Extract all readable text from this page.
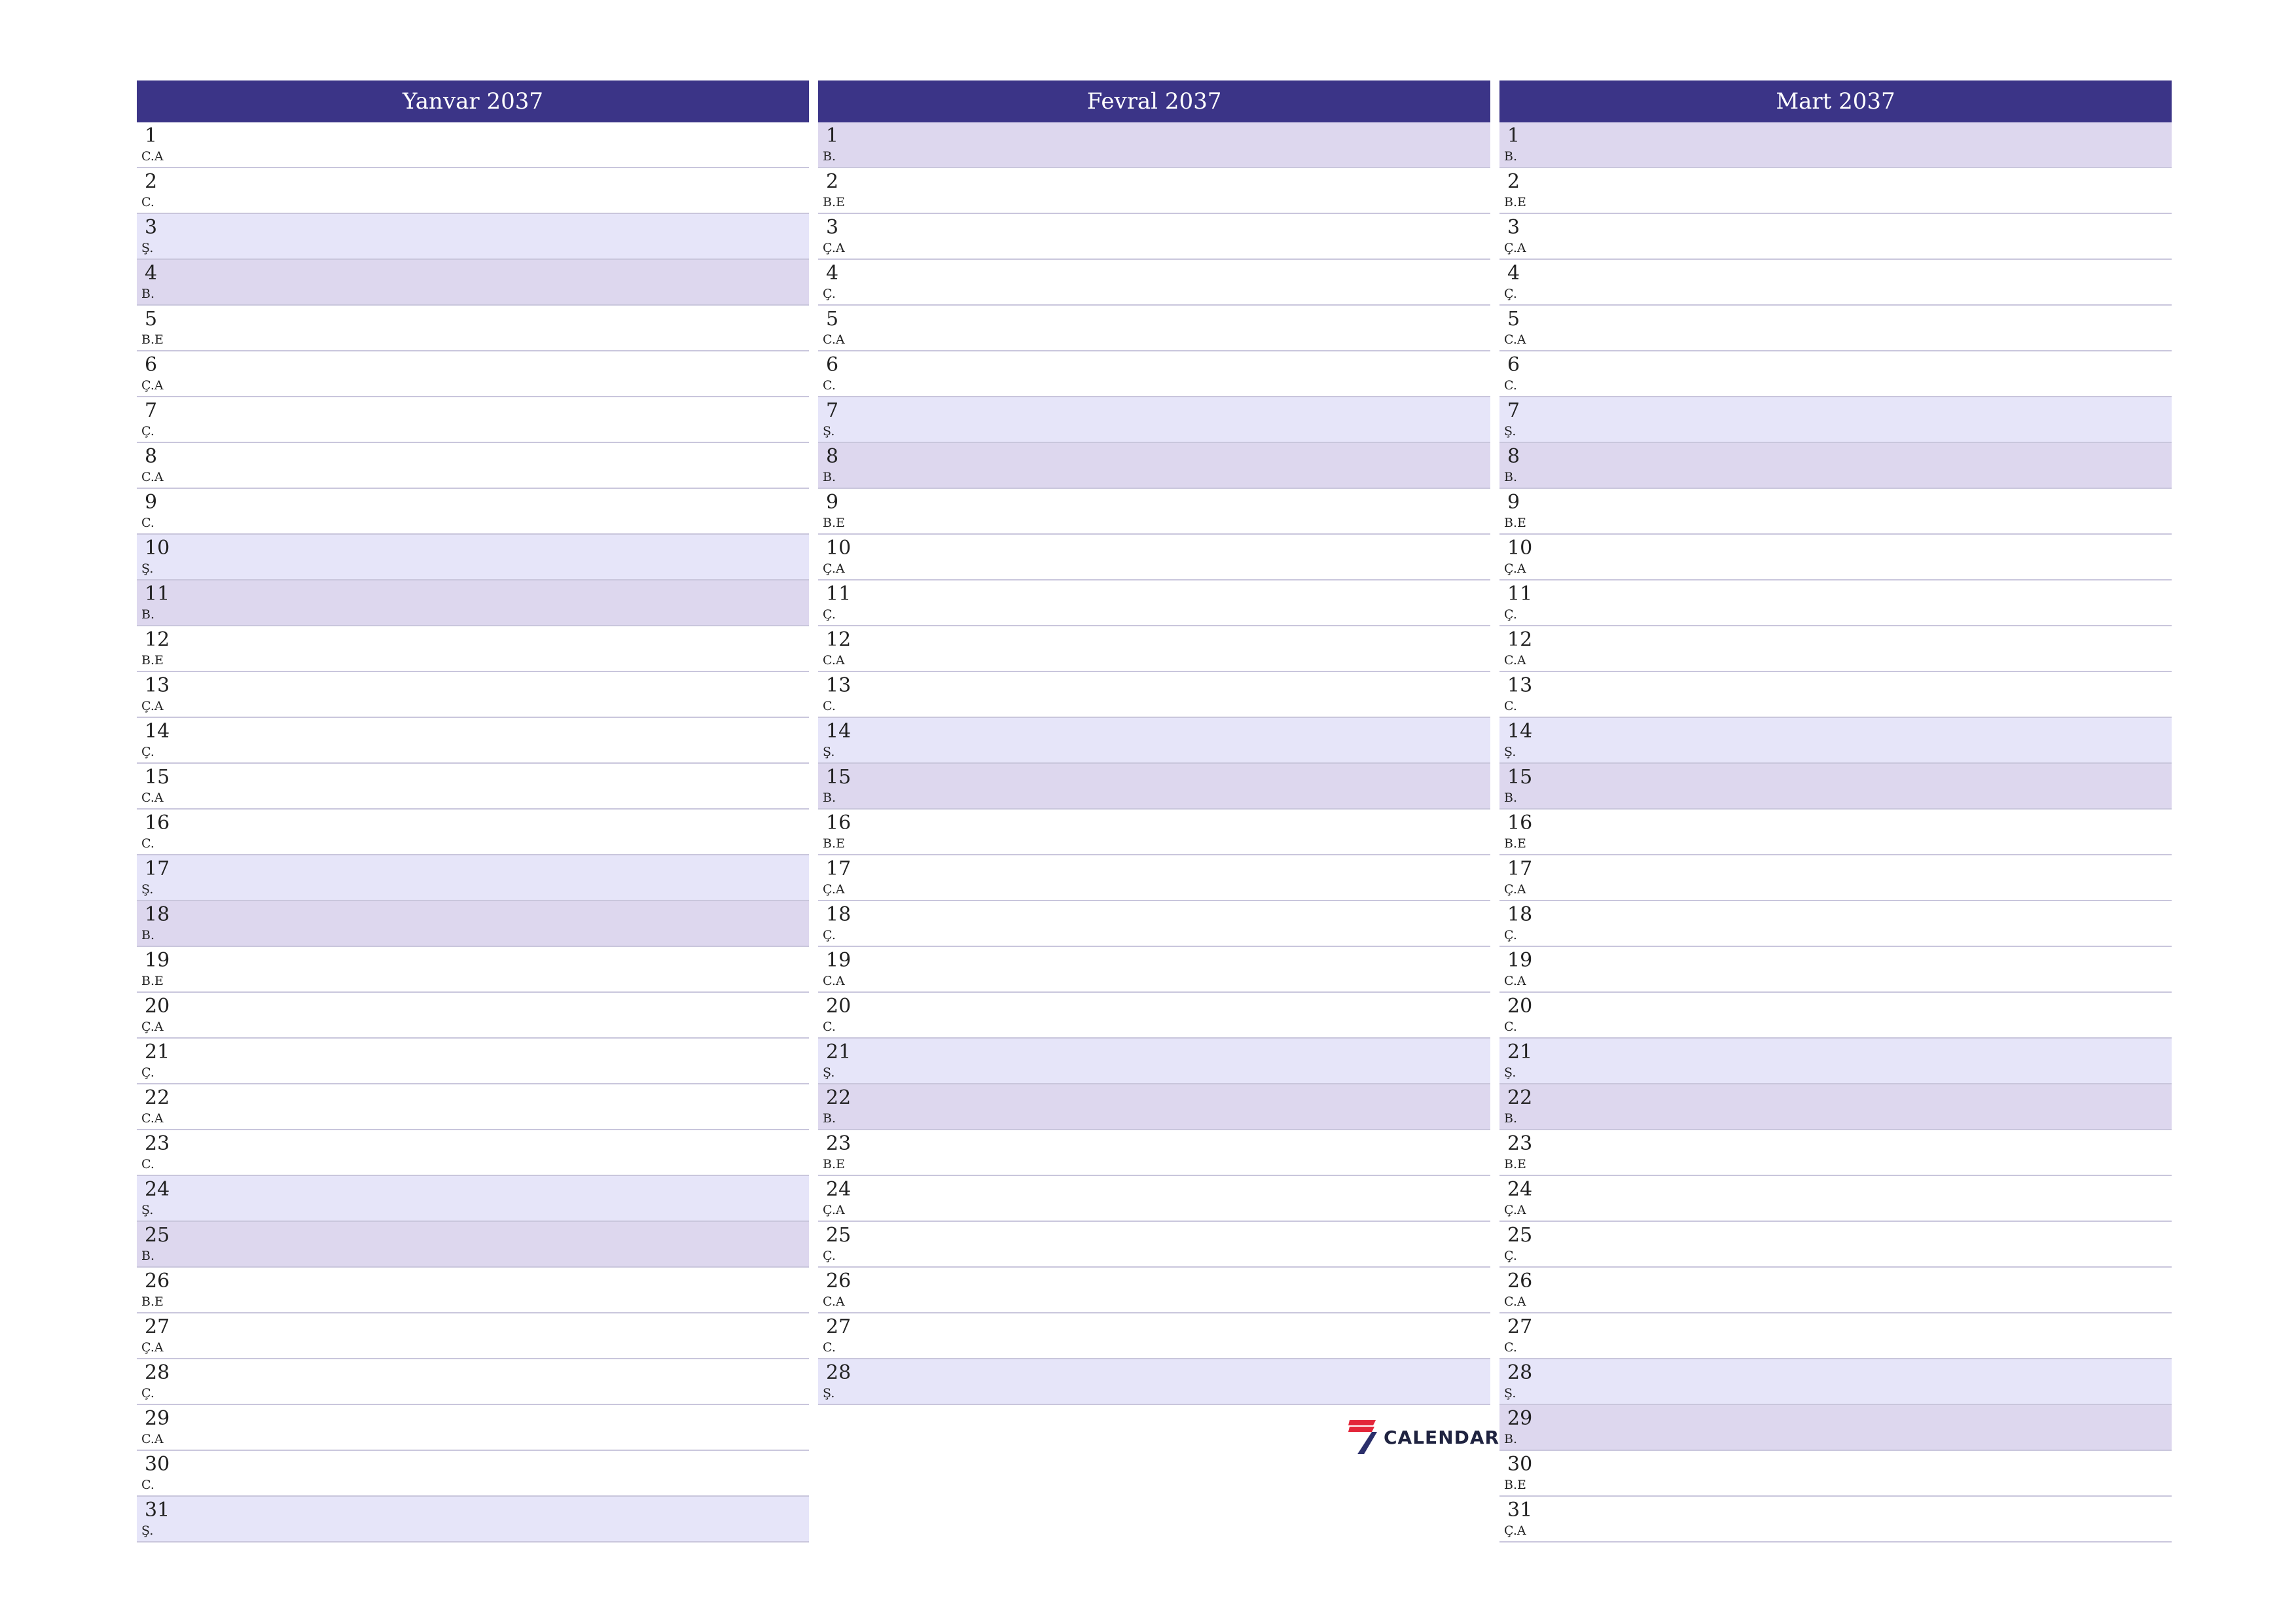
Yanvar 2037
1
C.A
2
C.
3
Ş.
4
B.
5
B.E
6
Ç.A
7
Ç.
8
C.A
9
C.
10
Ş.
11
B.
12
B.E
13
Ç.A
14
Ç.
15
C.A
16
C.
17
Ş.
18
B.
19
B.E
20
Ç.A
21
Ç.
22
C.A
23
C.
24
Ş.
25
B.
26
B.E
27
Ç.A
28
Ç.
29
C.A
30
C.
31
Ş.
Fevral 2037
1
B.
2
B.E
3
Ç.A
4
Ç.
5
C.A
6
C.
7
Ş.
8
B.
9
B.E
10
Ç.A
11
Ç.
12
C.A
13
C.
14
Ş.
15
B.
16
B.E
17
Ç.A
18
Ç.
19
C.A
20
C.
21
Ş.
22
B.
23
B.E
24
Ç.A
25
Ç.
26
C.A
27
C.
28
Ş.
Mart 2037
1
B.
2
B.E
3
Ç.A
4
Ç.
5
C.A
6
C.
7
Ş.
8
B.
9
B.E
10
Ç.A
11
Ç.
12
C.A
13
C.
14
Ş.
15
B.
16
B.E
17
Ç.A
18
Ç.
19
C.A
20
C.
21
Ş.
22
B.
23
B.E
24
Ç.A
25
Ç.
26
C.A
27
C.
28
Ş.
29
B.
30
B.E
31
Ç.A
CALENDAR
